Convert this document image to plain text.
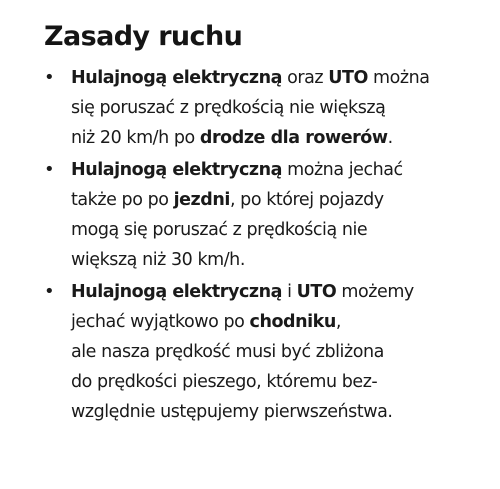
Zasady ruchu
• Hulajnogą elektryczną oraz UTO można
się poruszać z prędkością nie większą
niż 20 km/h po drodze dla rowerów.
• Hulajnogą elektryczną można jechać
także po po jezdni, po której pojazdy
mogą się poruszać z prędkością nie
większą niż 30 km/h.
• Hulajnogą elektryczną i UTO możemy
jechać wyjątkowo po chodniku,
ale nasza prędkość musi być zbliżona
do prędkości pieszego, któremu bez-
względnie ustępujemy pierwszeństwa.
